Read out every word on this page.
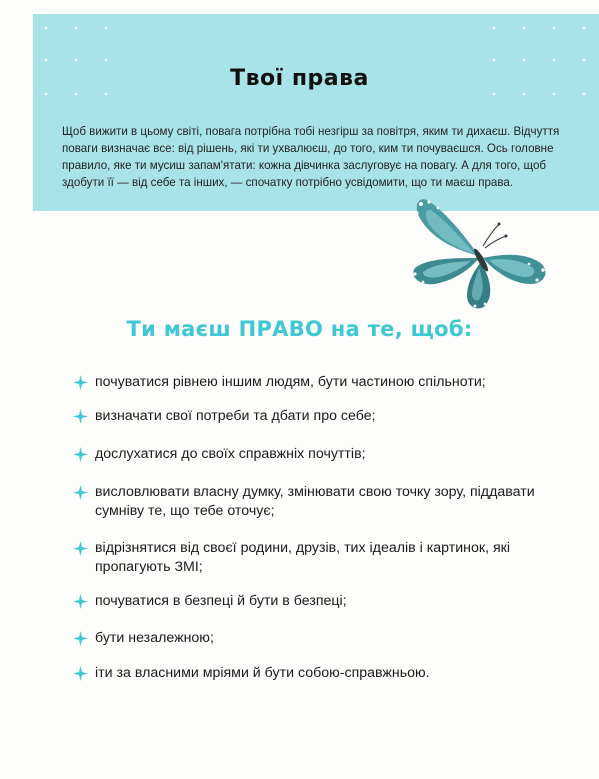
Твої права
Щоб вижити в цьому світі, повага потрібна тобі незгірш за повітря, яким ти дихаєш. Відчуття поваги визначає все: від рішень, які ти ухвалюєш, до того, ким ти почуваєшся. Ось головне правило, яке ти мусиш запам'ятати: кожна дівчинка заслуговує на повагу. А для того, щоб здобути її — від себе та інших, — спочатку потрібно усвідомити, що ти маєш права.
Ти маєш ПРАВО на те, щоб:
почуватися рівнею іншим людям, бути частиною спільноти;
визначати свої потреби та дбати про себе;
дослухатися до своїх справжніх почуттів;
висловлювати власну думку, змінювати свою точку зору, піддавати сумніву те, що тебе оточує;
відрізнятися від своєї родини, друзів, тих ідеалів і картинок, які пропагують ЗМІ;
почуватися в безпеці й бути в безпеці;
бути незалежною;
іти за власними мріями й бути собою-справжньою.
